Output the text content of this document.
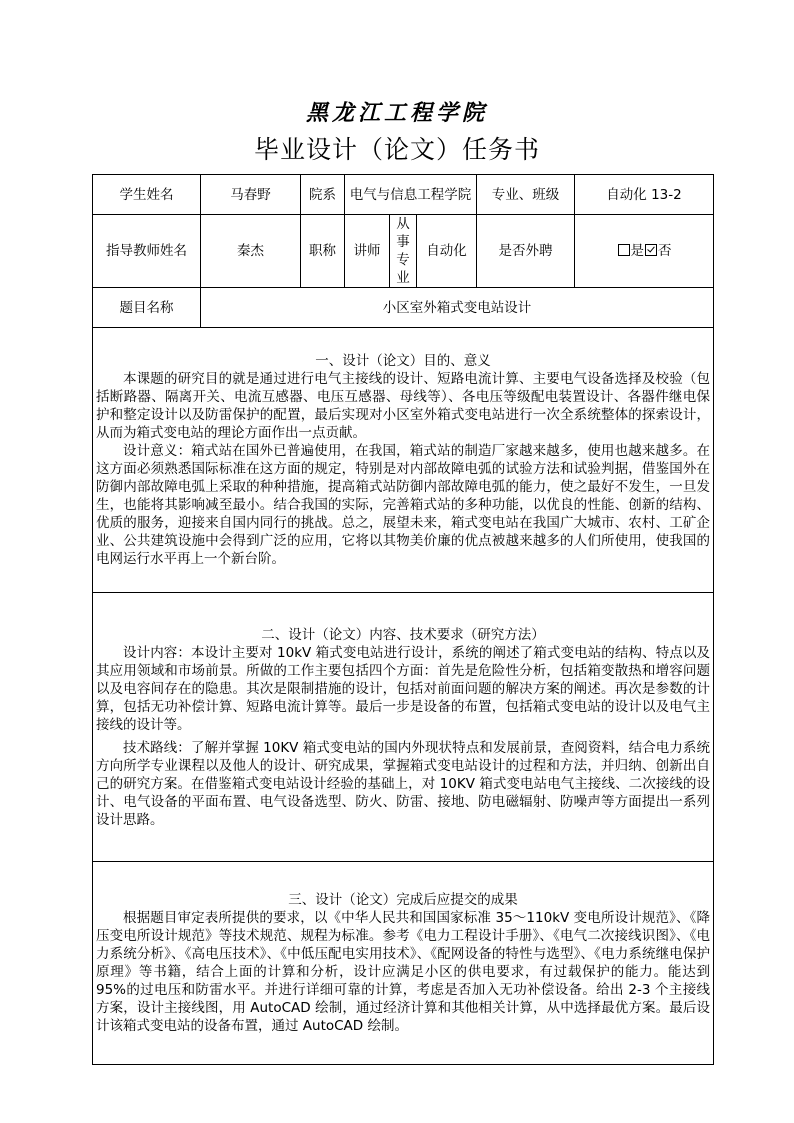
黑龙江工程学院
毕业设计（论文）任务书
学生姓名	马春野	院系	电气与信息工程学院			专业、班级	自动化 13-2
指导教师姓名	秦杰	职称	讲师	从事专业	自动化	是否外聘	是 否
题目名称	小区室外箱式变电站设计						

一、设计（论文）目的、意义
本课题的研究目的就是通过进行电气主接线的设计、短路电流计算、主要电气设备选择及校验（包括断路器、隔离开关、电流互感器、电压互感器、母线等）、各电压等级配电装置设计、各器件继电保护和整定设计以及防雷保护的配置，最后实现对小区室外箱式变电站进行一次全系统整体的探索设计，从而为箱式变电站的理论方面作出一点贡献。
设计意义：箱式站在国外已普遍使用，在我国，箱式站的制造厂家越来越多，使用也越来越多。在这方面必须熟悉国际标准在这方面的规定，特别是对内部故障电弧的试验方法和试验判据，借鉴国外在防御内部故障电弧上采取的种种措施，提高箱式站防御内部故障电弧的能力，使之最好不发生，一旦发生，也能将其影响减至最小。结合我国的实际，完善箱式站的多种功能，以优良的性能、创新的结构、优质的服务，迎接来自国内同行的挑战。总之，展望未来，箱式变电站在我国广大城市、农村、工矿企业、公共建筑设施中会得到广泛的应用，它将以其物美价廉的优点被越来越多的人们所使用，使我国的电网运行水平再上一个新台阶。							

二、设计（论文）内容、技术要求（研究方法）
设计内容：本设计主要对 10kV 箱式变电站进行设计，系统的阐述了箱式变电站的结构、特点以及其应用领域和市场前景。所做的工作主要包括四个方面：首先是危险性分析，包括箱变散热和增容问题以及电容间存在的隐患。其次是限制措施的设计，包括对前面问题的解决方案的阐述。再次是参数的计算，包括无功补偿计算、短路电流计算等。最后一步是设备的布置，包括箱式变电站的设计以及电气主接线的设计等。
技术路线：了解并掌握 10KV 箱式变电站的国内外现状特点和发展前景，查阅资料，结合电力系统方向所学专业课程以及他人的设计、研究成果，掌握箱式变电站设计的过程和方法，并归纳、创新出自己的研究方案。在借鉴箱式变电站设计经验的基础上，对 10KV 箱式变电站电气主接线、二次接线的设计、电气设备的平面布置、电气设备选型、防火、防雷、接地、防电磁辐射、防噪声等方面提出一系列设计思路。							

三、设计（论文）完成后应提交的成果
根据题目审定表所提供的要求，以《中华人民共和国国家标准 35～110kV 变电所设计规范》、《降压变电所设计规范》等技术规范、规程为标准。参考《电力工程设计手册》、《电气二次接线识图》、《电力系统分析》、《高电压技术》、《中低压配电实用技术》、《配网设备的特性与选型》、《电力系统继电保护原理》等书籍，结合上面的计算和分析，设计应满足小区的供电要求，有过载保护的能力。能达到 95%的过电压和防雷水平。并进行详细可靠的计算，考虑是否加入无功补偿设备。给出 2-3 个主接线方案，设计主接线图，用 AutoCAD 绘制，通过经济计算和其他相关计算，从中选择最优方案。最后设计该箱式变电站的设备布置，通过 AutoCAD 绘制。							
